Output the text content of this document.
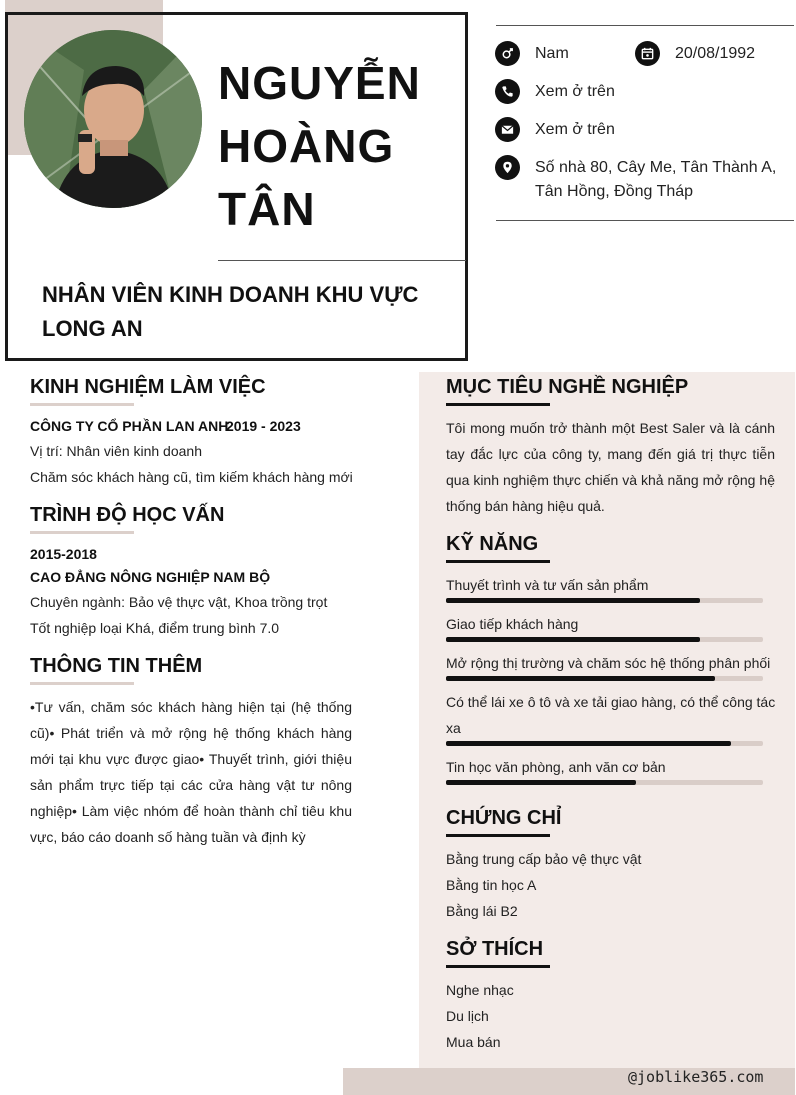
NGUYỄN
HOÀNG
TÂN
NHÂN VIÊN KINH DOANH KHU VỰC LONG AN
Nam	20/08/1992
Xem ở trên
Xem ở trên
Số nhà 80, Cây Me, Tân Thành A,
Tân Hồng, Đồng Tháp
KINH NGHIỆM LÀM VIỆC
CÔNG TY CỔ PHẦN LAN ANH
2019 - 2023
Vị trí: Nhân viên kinh doanh
Chăm sóc khách hàng cũ, tìm kiếm khách hàng mới
TRÌNH ĐỘ HỌC VẤN
2015-2018
CAO ĐẲNG NÔNG NGHIỆP NAM BỘ
Chuyên ngành: Bảo vệ thực vật, Khoa trồng trọt
Tốt nghiệp loại Khá, điểm trung bình 7.0
THÔNG TIN THÊM
•Tư vấn, chăm sóc khách hàng hiện tại (hệ thống cũ)• Phát triển và mở rộng hệ thống khách hàng mới tại khu vực được giao• Thuyết trình, giới thiệu sản phẩm trực tiếp tại các cửa hàng vật tư nông nghiệp• Làm việc nhóm để hoàn thành chỉ tiêu khu vực, báo cáo doanh số hàng tuần và định kỳ
MỤC TIÊU NGHỀ NGHIỆP
Tôi mong muốn trở thành một Best Saler và là cánh tay đắc lực của công ty, mang đến giá trị thực tiễn qua kinh nghiệm thực chiến và khả năng mở rộng hệ thống bán hàng hiệu quả.
KỸ NĂNG
Thuyết trình và tư vấn sản phẩm
Giao tiếp khách hàng
Mở rộng thị trường và chăm sóc hệ thống phân phối
Có thể lái xe ô tô và xe tải giao hàng, có thể công tác xa
Tin học văn phòng, anh văn cơ bản
CHỨNG CHỈ
Bằng trung cấp bảo vệ thực vật
Bằng tin học A
Bằng lái B2
SỞ THÍCH
Nghe nhạc
Du lịch
Mua bán
@joblike365.com
